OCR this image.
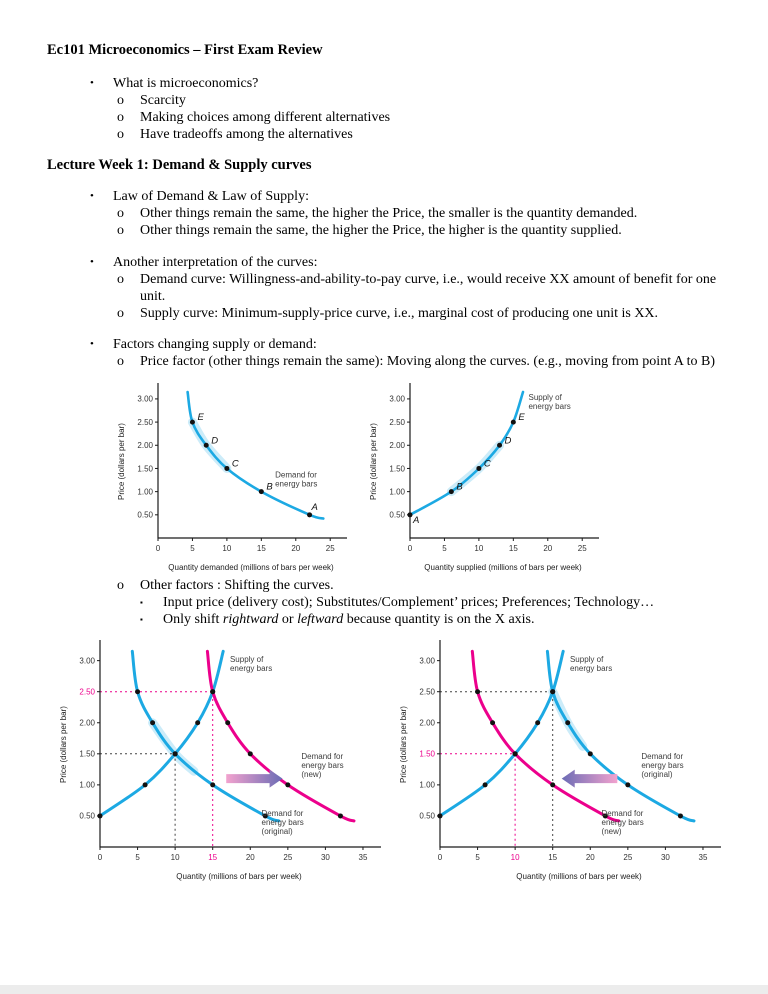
Ec101 Microeconomics – First Exam Review
•	What is microeconomics?
o	Scarcity
o	Making choices among different alternatives
o	Have tradeoffs among the alternatives
Lecture Week 1: Demand & Supply curves
•	Law of Demand & Law of Supply:
o	Other things remain the same, the higher the Price, the smaller is the quantity demanded.
o	Other things remain the same, the higher the Price, the higher is the quantity supplied.
•	Another interpretation of the curves:
o	Demand curve: Willingness-and-ability-to-pay curve, i.e., would receive XX amount of benefit for one unit.
o	Supply curve: Minimum-supply-price curve, i.e., marginal cost of producing one unit is XX.
•	Factors changing supply or demand:
o	Price factor (other things remain the same): Moving along the curves. (e.g., moving from point A to B)
0.50
1.00
1.50
2.00
2.50
3.00
0	5	10	15	20	25
Price (dollars per bar)
Quantity demanded (millions of bars per week)
A
B
C
D
E
Demand for
energy bars
0.50
1.00
1.50
2.00
2.50
3.00
0	5	10	15	20	25
Price (dollars per bar)
Quantity supplied (millions of bars per week)
A
B
C
D
E
Supply of
energy bars
o	Other factors : Shifting the curves.
▪	Input price (delivery cost); Substitutes/Complement’ prices; Preferences; Technology…
▪	Only shift rightward or leftward because quantity is on the X axis.
0.50
1.00
1.50
2.00
2.50
3.00
0	5	10	15	20	25	30	35
Price (dollars per bar)
Quantity (millions of bars per week)
Supply of
energy bars
Demand for
energy bars
(new)
Demand for
energy bars
(original)
0.50
1.00
1.50
2.00
2.50
3.00
0	5	10	15	20	25	30	35
Price (dollars per bar)
Quantity (millions of bars per week)
Supply of
energy bars
Demand for
energy bars
(original)
Demand for
energy bars
(new)
